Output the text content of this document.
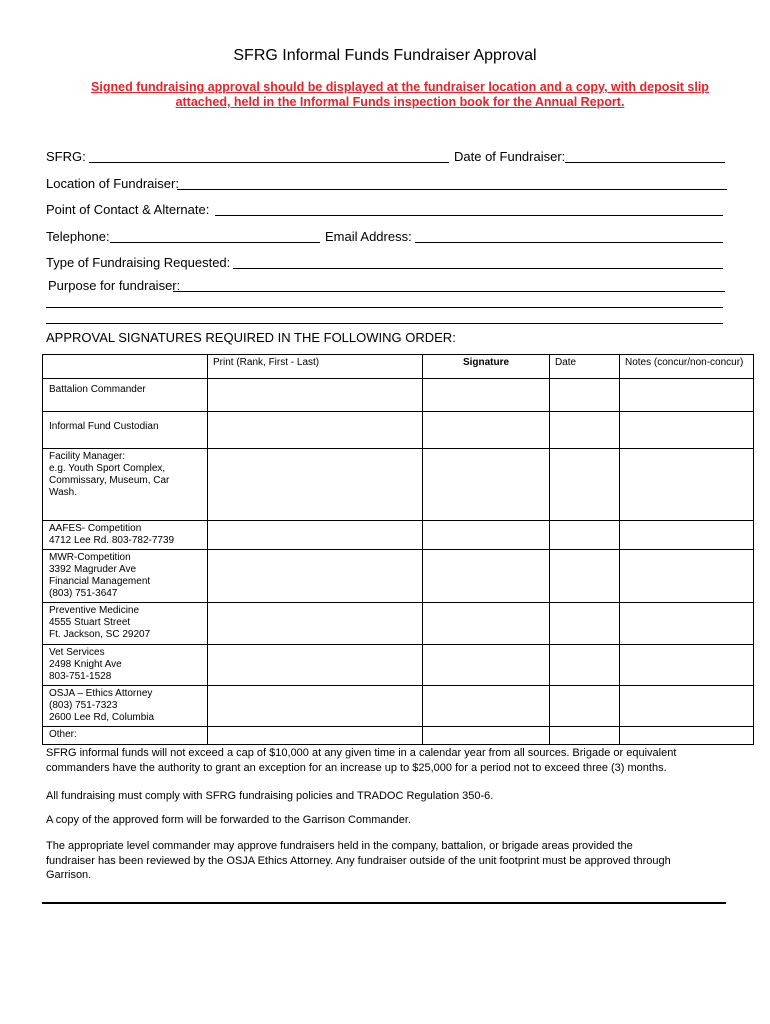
SFRG Informal Funds Fundraiser Approval
Signed fundraising approval should be displayed at the fundraiser location and a copy, with deposit slip
attached, held in the Informal Funds inspection book for the Annual Report.
SFRG:	Date of Fundraiser:
Location of Fundraiser:
Point of Contact & Alternate:
Telephone:	Email Address:
Type of Fundraising Requested:
Purpose for fundraiser:
APPROVAL SIGNATURES REQUIRED IN THE FOLLOWING ORDER:
	Print (Rank, First - Last)	Signature	Date	Notes (concur/non-concur)

Battalion Commander				

Informal Fund Custodian				

Facility Manager:
e.g. Youth Sport Complex,
Commissary, Museum, Car
Wash.				

AAFES- Competition
4712 Lee Rd. 803-782-7739				

MWR-Competition
3392 Magruder Ave
Financial Management
(803) 751-3647				

Preventive Medicine
4555 Stuart Street
Ft. Jackson, SC 29207				

Vet Services
2498 Knight Ave
803-751-1528				

OSJA – Ethics Attorney
(803) 751-7323
2600 Lee Rd, Columbia				

Other:				

SFRG informal funds will not exceed a cap of $10,000 at any given time in a calendar year from all sources. Brigade or equivalent
commanders have the authority to grant an exception for an increase up to $25,000 for a period not to exceed three (3) months.
All fundraising must comply with SFRG fundraising policies and TRADOC Regulation 350-6.
A copy of the approved form will be forwarded to the Garrison Commander.
The appropriate level commander may approve fundraisers held in the company, battalion, or brigade areas provided the
fundraiser has been reviewed by the OSJA Ethics Attorney. Any fundraiser outside of the unit footprint must be approved through
Garrison.
